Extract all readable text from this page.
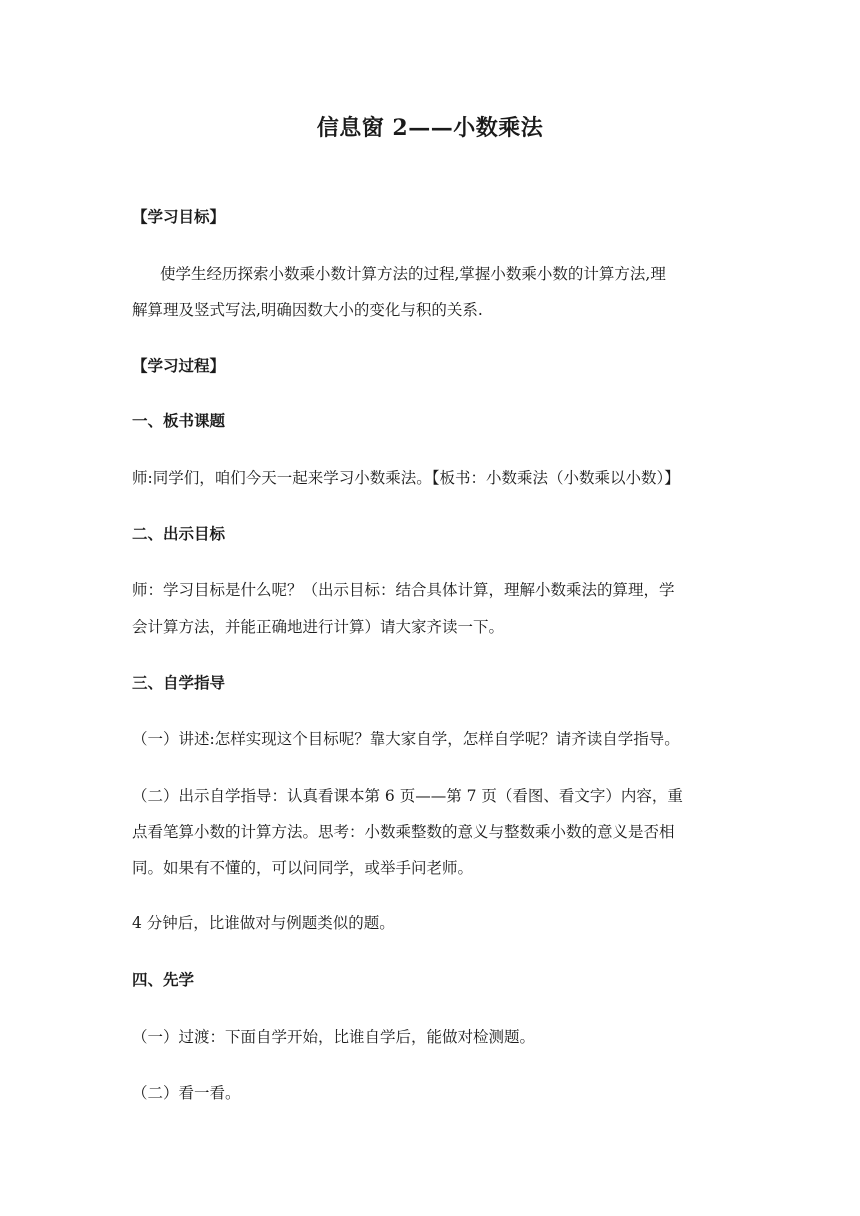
信息窗 2——小数乘法
【学习目标】
使学生经历探索小数乘小数计算方法的过程,掌握小数乘小数的计算方法,理
解算理及竖式写法,明确因数大小的变化与积的关系.
【学习过程】
一、板书课题
师:同学们，咱们今天一起来学习小数乘法。【板书：小数乘法（小数乘以小数）】
二、出示目标
师：学习目标是什么呢？（出示目标：结合具体计算，理解小数乘法的算理，学
会计算方法，并能正确地进行计算）请大家齐读一下。
三、自学指导
（一）讲述:怎样实现这个目标呢？靠大家自学，怎样自学呢？请齐读自学指导。
（二）出示自学指导：认真看课本第 6 页——第 7 页（看图、看文字）内容，重
点看笔算小数的计算方法。思考：小数乘整数的意义与整数乘小数的意义是否相
同。如果有不懂的，可以问同学，或举手问老师。
4 分钟后，比谁做对与例题类似的题。
四、先学
（一）过渡：下面自学开始，比谁自学后，能做对检测题。
（二）看一看。
